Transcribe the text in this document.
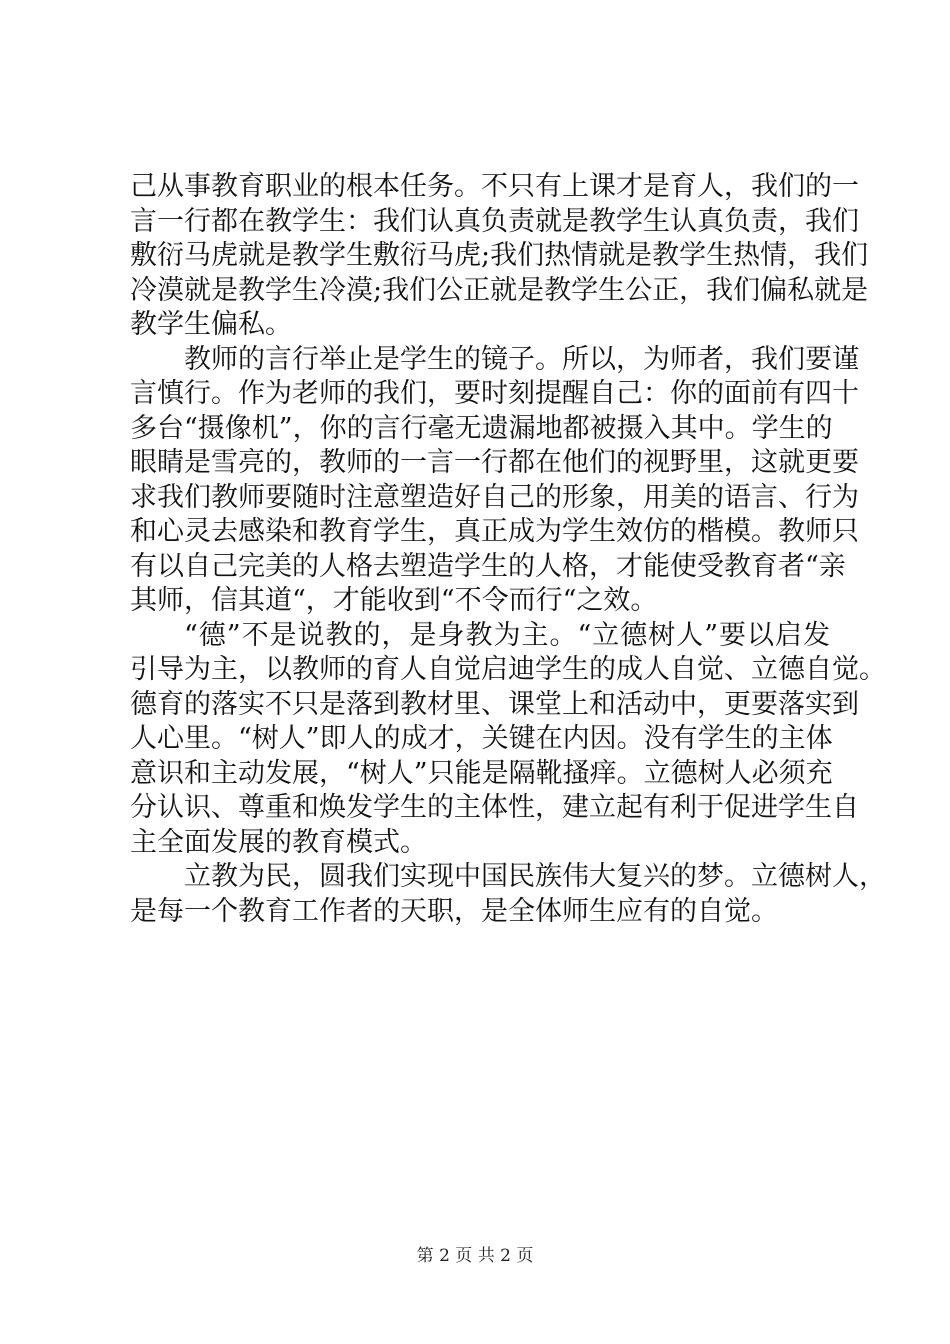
己从事教育职业的根本任务。不只有上课才是育人，我们的一
言一行都在教学生：我们认真负责就是教学生认真负责，我们
敷衍马虎就是教学生敷衍马虎;我们热情就是教学生热情，我们
冷漠就是教学生冷漠;我们公正就是教学生公正，我们偏私就是
教学生偏私。
教师的言行举止是学生的镜子。所以，为师者，我们要谨
言慎行。作为老师的我们，要时刻提醒自己：你的面前有四十
多台“摄像机”，你的言行毫无遗漏地都被摄入其中。学生的
眼睛是雪亮的，教师的一言一行都在他们的视野里，这就更要
求我们教师要随时注意塑造好自己的形象，用美的语言、行为
和心灵去感染和教育学生，真正成为学生效仿的楷模。教师只
有以自己完美的人格去塑造学生的人格，才能使受教育者“亲
其师，信其道“，才能收到“不令而行“之效。
“德”不是说教的，是身教为主。“立德树人”要以启发
引导为主，以教师的育人自觉启迪学生的成人自觉、立德自觉。
德育的落实不只是落到教材里、课堂上和活动中，更要落实到
人心里。“树人”即人的成才，关键在内因。没有学生的主体
意识和主动发展，“树人”只能是隔靴搔痒。立德树人必须充
分认识、尊重和焕发学生的主体性，建立起有利于促进学生自
主全面发展的教育模式。
立教为民，圆我们实现中国民族伟大复兴的梦。立德树人，
是每一个教育工作者的天职，是全体师生应有的自觉。
第 2 页 共 2 页
